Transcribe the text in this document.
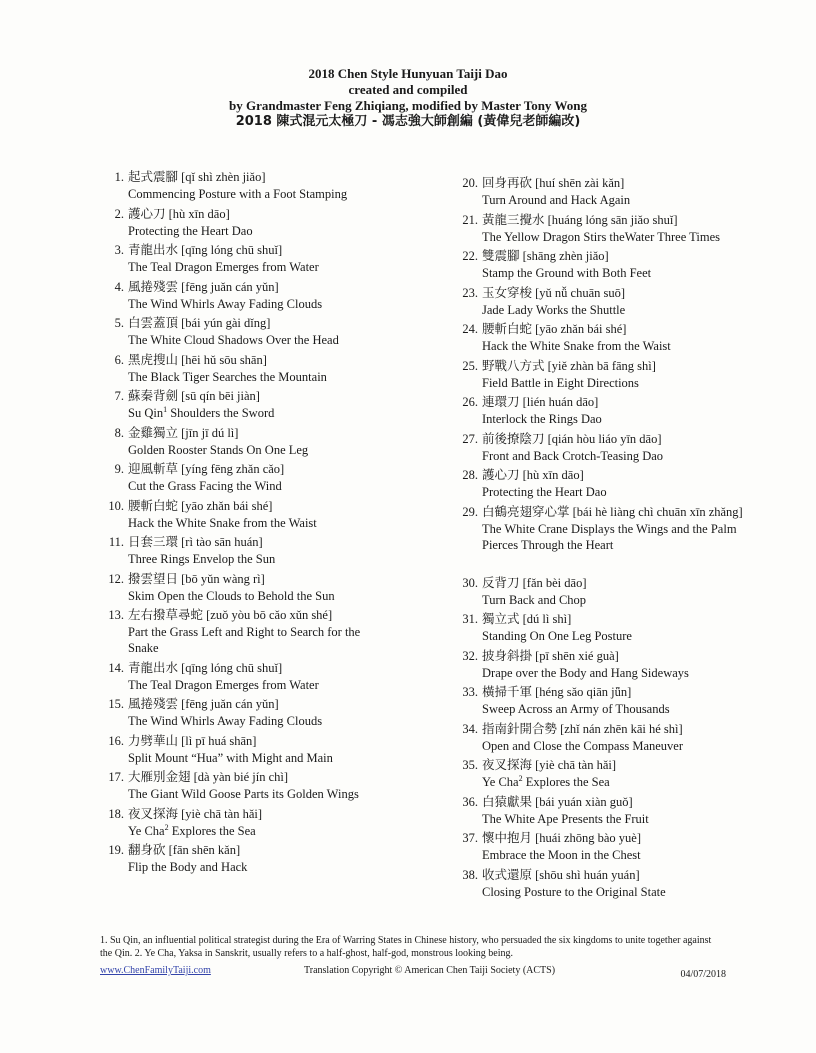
2018 Chen Style Hunyuan Taiji Dao
created and compiled
by Grandmaster Feng Zhiqiang, modified by Master Tony Wong
2018 陳式混元太極刀 - 馮志強大師創編 (黃偉兒老師編改)
1. 起式震腳 [qǐ shì zhèn jiǎo]
Commencing Posture with a Foot Stamping
2. 護心刀 [hù xīn dāo]
Protecting the Heart Dao
3. 青龍出水 [qīng lóng chū shuǐ]
The Teal Dragon Emerges from Water
4. 風捲殘雲 [fēng juǎn cán yǔn]
The Wind Whirls Away Fading Clouds
5. 白雲蓋頂 [bái yún gài dǐng]
The White Cloud Shadows Over the Head
6. 黑虎搜山 [hēi hǔ sōu shān]
The Black Tiger Searches the Mountain
7. 蘇秦背劍 [sū qín bēi jiàn]
Su Qin$^1$ Shoulders the Sword
8. 金雞獨立 [jīn jī dú lì]
Golden Rooster Stands On One Leg
9. 迎風斬草 [yíng fēng zhǎn cǎo]
Cut the Grass Facing the Wind
10. 腰斬白蛇 [yāo zhǎn bái shé]
Hack the White Snake from the Waist
11. 日套三環 [rì tào sān huán]
Three Rings Envelop the Sun
12. 撥雲望日 [bō yǔn wàng rì]
Skim Open the Clouds to Behold the Sun
13. 左右撥草尋蛇 [zuǒ yòu bō cǎo xǔn shé]
Part the Grass Left and Right to Search for the Snake
14. 青龍出水 [qīng lóng chū shuǐ]
The Teal Dragon Emerges from Water
15. 風捲殘雲 [fēng juǎn cán yǔn]
The Wind Whirls Away Fading Clouds
16. 力劈華山 [lì pī huá shān]
Split Mount “Hua” with Might and Main
17. 大雁別金翅 [dà yàn bié jín chì]
The Giant Wild Goose Parts its Golden Wings
18. 夜叉探海 [yiè chā tàn hǎi]
Ye Cha$^2$ Explores the Sea
19. 翻身砍 [fān shēn kǎn]
Flip the Body and Hack
20. 回身再砍 [huí shēn zài kǎn]
Turn Around and Hack Again
21. 黃龍三攪水 [huáng lóng sān jiǎo shuǐ]
The Yellow Dragon Stirs theWater Three Times
22. 雙震腳 [shāng zhèn jiǎo]
Stamp the Ground with Both Feet
23. 玉女穿梭 [yǔ nǚ chuān suō]
Jade Lady Works the Shuttle
24. 腰斬白蛇 [yāo zhǎn bái shé]
Hack the White Snake from the Waist
25. 野戰八方式 [yiě zhàn bā fāng shì]
Field Battle in Eight Directions
26. 連環刀 [lién huán dāo]
Interlock the Rings Dao
27. 前後撩陰刀 [qián hòu liáo yīn dāo]
Front and Back Crotch-Teasing Dao
28. 護心刀 [hù xīn dāo]
Protecting the Heart Dao
29. 白鶴亮翅穿心掌 [bái hè liàng chì chuān xīn zhǎng]
The White Crane Displays the Wings and the Palm Pierces Through the Heart
30. 反背刀 [fǎn bèi dāo]
Turn Back and Chop
31. 獨立式 [dú lì shì]
Standing On One Leg Posture
32. 披身斜掛 [pī shēn xié guà]
Drape over the Body and Hang Sideways
33. 橫掃千軍 [héng sǎo qiān jǖn]
Sweep Across an Army of Thousands
34. 指南針開合勢 [zhǐ nán zhēn kāi hé shì]
Open and Close the Compass Maneuver
35. 夜叉探海 [yiè chā tàn hǎi]
Ye Cha$^2$ Explores the Sea
36. 白猿獻果 [bái yuán xiàn guǒ]
The White Ape Presents the Fruit
37. 懷中抱月 [huái zhōng bào yuè]
Embrace the Moon in the Chest
38. 收式還原 [shōu shì huán yuán]
Closing Posture to the Original State
1. Su Qin, an influential political strategist during the Era of Warring States in Chinese history, who persuaded the six kingdoms to unite together against the Qin. 2. Ye Cha, Yaksa in Sanskrit, usually refers to a half-ghost, half-god, monstrous looking being.
www.ChenFamilyTaiji.com	Translation Copyright © American Chen Taiji Society (ACTS)	04/07/2018
